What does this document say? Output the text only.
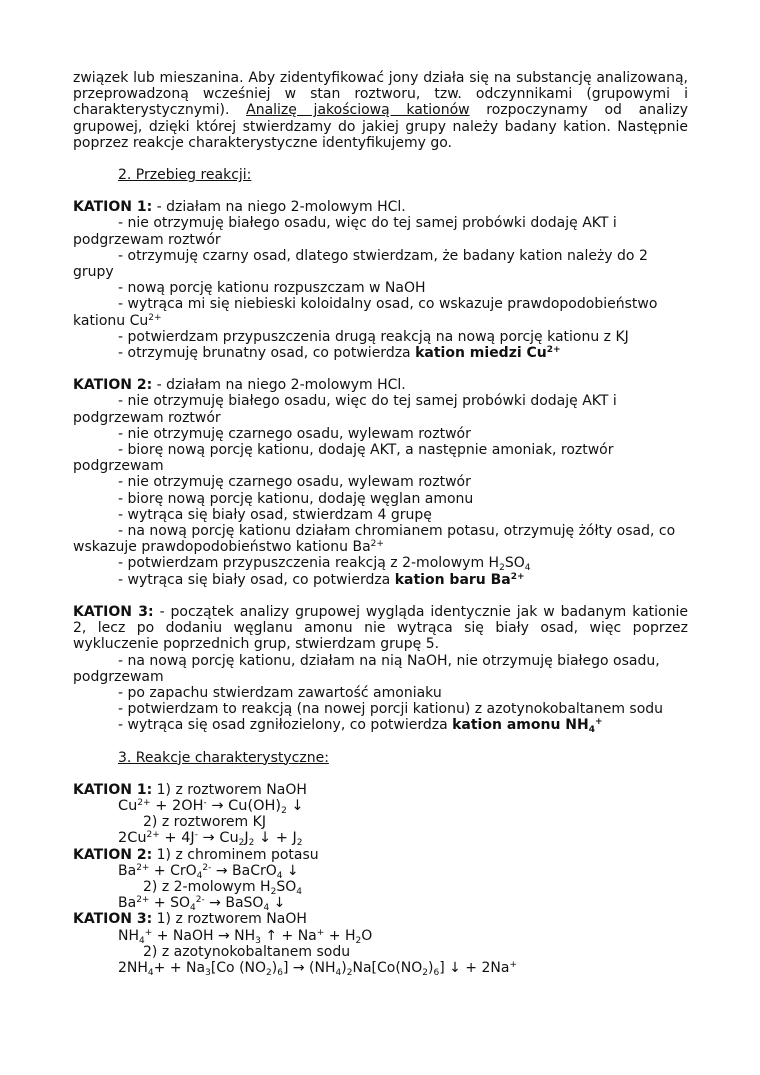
związek lub mieszanina. Aby zidentyfikować jony działa się na substancję analizowaną, przeprowadzoną wcześniej w stan roztworu, tzw. odczynnikami (grupowymi i charakterystycznymi). Analizę jakościową kationów rozpoczynamy od analizy grupowej, dzięki której stwierdzamy do jakiej grupy należy badany kation. Następnie poprzez reakcje charakterystyczne identyfikujemy go.
2. Przebieg reakcji:
KATION 1: - działam na niego 2-molowym HCl.
- nie otrzymuję białego osadu, więc do tej samej probówki dodaję AKT i
podgrzewam roztwór
- otrzymuję czarny osad, dlatego stwierdzam, że badany kation należy do 2
grupy
- nową porcję kationu rozpuszczam w NaOH
- wytrąca mi się niebieski koloidalny osad, co wskazuje prawdopodobieństwo
kationu $Cu^{2+}$
- potwierdzam przypuszczenia drugą reakcją na nową porcję kationu z KJ
- otrzymuję brunatny osad, co potwierdza kation miedzi $Cu^{2+}$
KATION 2: - działam na niego 2-molowym HCl.
- nie otrzymuję białego osadu, więc do tej samej probówki dodaję AKT i
podgrzewam roztwór
- nie otrzymuję czarnego osadu, wylewam roztwór
- biorę nową porcję kationu, dodaję AKT, a następnie amoniak, roztwór
podgrzewam
- nie otrzymuję czarnego osadu, wylewam roztwór
- biorę nową porcję kationu, dodaję węglan amonu
- wytrąca się biały osad, stwierdzam 4 grupę
- na nową porcję kationu działam chromianem potasu, otrzymuję żółty osad, co
wskazuje prawdopodobieństwo kationu $Ba^{2+}$
- potwierdzam przypuszczenia reakcją z 2-molowym $H_2SO_4$
- wytrąca się biały osad, co potwierdza kation baru $Ba^{2+}$
KATION 3: - początek analizy grupowej wygląda identycznie jak w badanym kationie 2, lecz po dodaniu węglanu amonu nie wytrąca się biały osad, więc poprzez wykluczenie poprzednich grup, stwierdzam grupę 5.
- na nową porcję kationu, działam na nią NaOH, nie otrzymuję białego osadu,
podgrzewam
- po zapachu stwierdzam zawartość amoniaku
- potwierdzam to reakcją (na nowej porcji kationu) z azotynokobaltanem sodu
- wytrąca się osad zgniłozielony, co potwierdza kation amonu $NH_4^+$
3. Reakcje charakterystyczne:
KATION 1: 1) z roztworem NaOH
$Cu^{2+} + 2OH^- \to Cu(OH)_2$ ↓
2) z roztworem KJ
$2Cu^{2+} + 4J^- \to Cu_2J_2$ ↓ + $J_2$
KATION 2: 1) z chrominem potasu
$Ba^{2+} + CrO_4^{2-}$ → BaCrO$_4$ ↓
2) z 2-molowym $H_2SO_4$
$Ba^{2+} + SO_4^{2-}$ → BaSO$_4$ ↓
KATION 3: 1) z roztworem NaOH
$NH_4^+$ + NaOH → $NH_3$ ↑ + $Na^+ + H_2O$
2) z azotynokobaltanem sodu
$2NH_4+ + Na_3[Co$ $(NO_2)_6] \to (NH_4)_2Na[Co(NO_2)_6]$ ↓ + 2Na+
